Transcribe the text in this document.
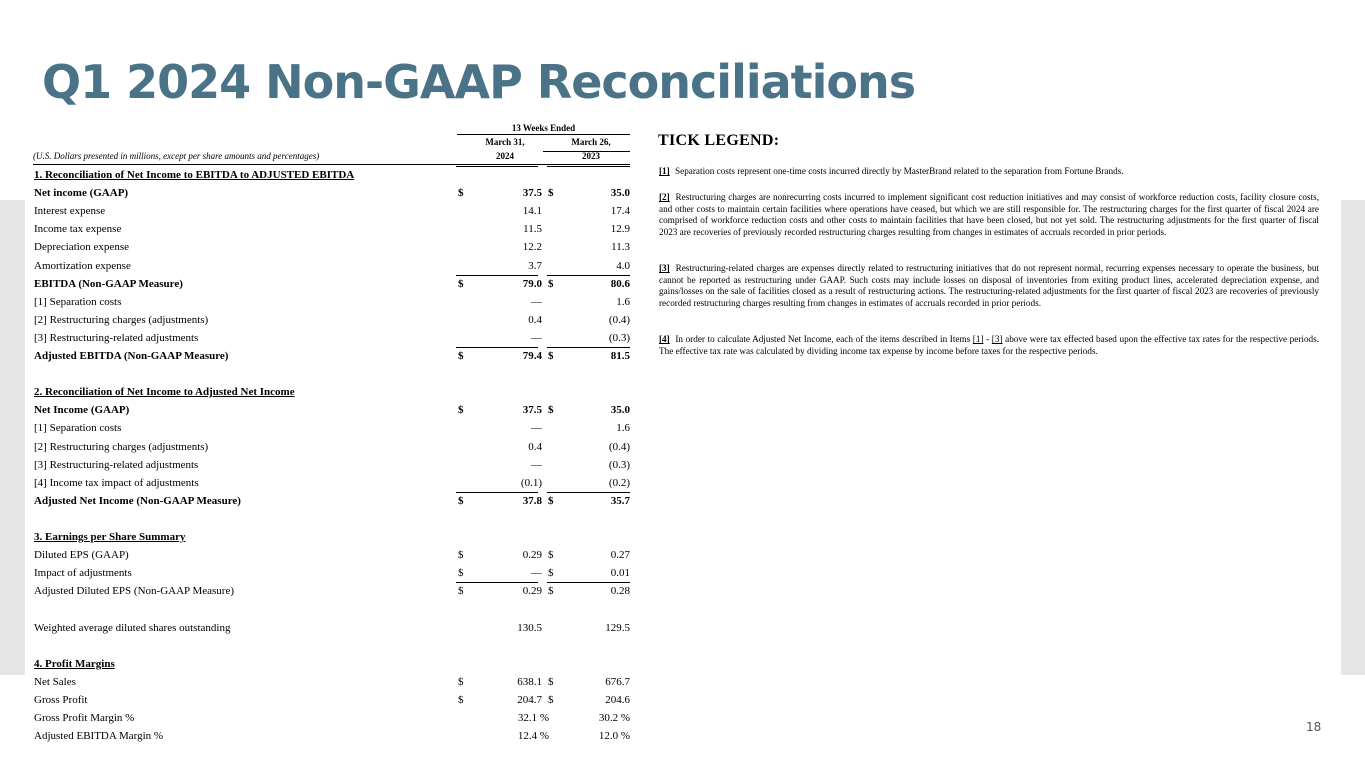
Q1 2024 Non-GAAP Reconciliations
13 Weeks Ended
March 31,	March 26,
(U.S. Dollars presented in millions, except per share amounts and percentages)	2024	2023
1. Reconciliation of Net Income to EBITDA to ADJUSTED EBITDA
Net income (GAAP)	$	37.5 $	35.0
Interest expense	14.1	17.4
Income tax expense	11.5	12.9
Depreciation expense	12.2	11.3
Amortization expense	3.7	4.0
EBITDA (Non-GAAP Measure)	$	79.0 $	80.6
[1] Separation costs	—	1.6
[2] Restructuring charges (adjustments)	0.4	(0.4)
[3] Restructuring-related adjustments	—	(0.3)
Adjusted EBITDA (Non-GAAP Measure)	$	79.4 $	81.5
2. Reconciliation of Net Income to Adjusted Net Income
Net Income (GAAP)	$	37.5 $	35.0
[1] Separation costs	—	1.6
[2] Restructuring charges (adjustments)	0.4	(0.4)
[3] Restructuring-related adjustments	—	(0.3)
[4] Income tax impact of adjustments	(0.1)	(0.2)
Adjusted Net Income (Non-GAAP Measure)	$	37.8 $	35.7
3. Earnings per Share Summary
Diluted EPS (GAAP)	$	0.29 $	0.27
Impact of adjustments	$	— $	0.01
Adjusted Diluted EPS (Non-GAAP Measure)	$	0.29 $	0.28
Weighted average diluted shares outstanding	130.5	129.5
4. Profit Margins
Net Sales	$	638.1 $	676.7
Gross Profit	$	204.7 $	204.6
Gross Profit Margin %	32.1 %	30.2 %
Adjusted EBITDA Margin %	12.4 %	12.0 %
TICK LEGEND:
[1] Separation costs represent one-time costs incurred directly by MasterBrand related to the separation from Fortune Brands.
[2] Restructuring charges are nonrecurring costs incurred to implement significant cost reduction initiatives and may consist of workforce reduction costs, facility closure costs, and other costs to maintain certain facilities where operations have ceased, but which we are still responsible for. The restructuring charges for the first quarter of fiscal 2024 are comprised of workforce reduction costs and other costs to maintain facilities that have been closed, but not yet sold. The restructuring adjustments for the first quarter of fiscal 2023 are recoveries of previously recorded restructuring charges resulting from changes in estimates of accruals recorded in prior periods.
[3] Restructuring-related charges are expenses directly related to restructuring initiatives that do not represent normal, recurring expenses necessary to operate the business, but cannot be reported as restructuring under GAAP. Such costs may include losses on disposal of inventories from exiting product lines, accelerated depreciation expense, and gains/losses on the sale of facilities closed as a result of restructuring actions. The restructuring-related adjustments for the first quarter of fiscal 2023 are recoveries of previously recorded restructuring charges resulting from changes in estimates of accruals recorded in prior periods.
[4] In order to calculate Adjusted Net Income, each of the items described in Items [1] - [3] above were tax effected based upon the effective tax rates for the respective periods. The effective tax rate was calculated by dividing income tax expense by income before taxes for the respective periods.
18
